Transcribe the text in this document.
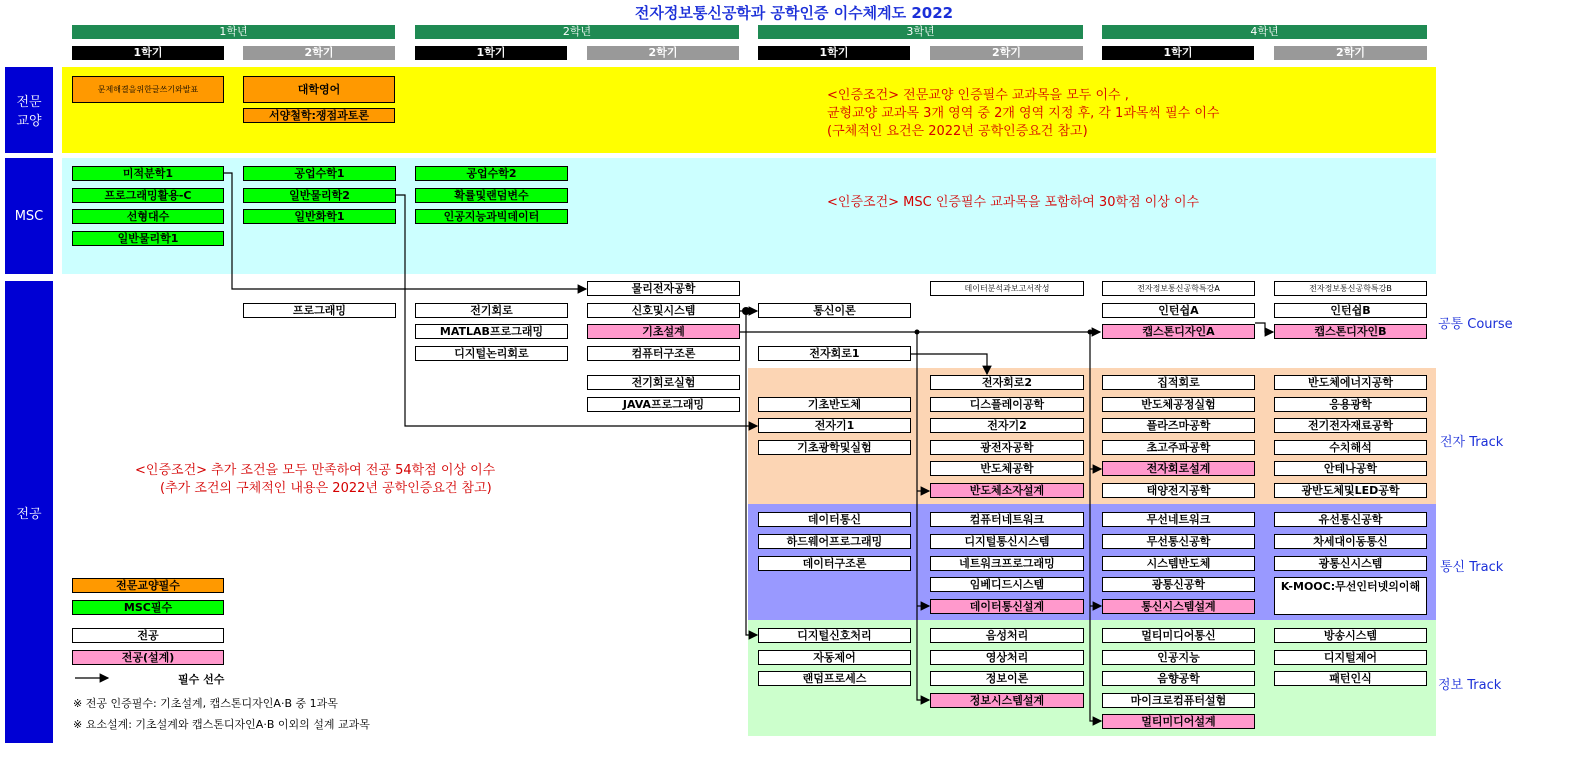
전자정보통신공학과 공학인증 이수체계도 2022
1학년	2학년	3학년	4학년
1학기	2학기	1학기	2학기	1학기	2학기	1학기	2학기
전문
교양
MSC
전공
<인증조건> 전문교양 인증필수 교과목을 모두 이수 ,
균형교양 교과목 3개 영역 중 2개 영역 지정 후, 각 1과목씩 필수 이수
(구체적인 요건은 2022년 공학인증요건 참고)
<인증조건> MSC 인증필수 교과목을 포함하여 30학점 이상 이수
<인증조건> 추가 조건을 모두 만족하여 전공 54학점 이상 이수
(추가 조건의 구체적인 내용은 2022년 공학인증요건 참고)
공통 Course
전자 Track
통신 Track
정보 Track
문제해결을위한글쓰기와발표	대학영어
서양철학:쟁점과토론
미적분학1
프로그래밍활용-C
선형대수
일반물리학1
공업수학1
일반물리학2
일반화학1
공업수학2
확률및랜덤변수
인공지능과빅데이터
물리전자공학
프로그래밍	전기회로
MATLAB프로그래밍
디지털논리회로
신호및시스템
기초설계
컴퓨터구조론
전기회로실험
JAVA프로그래밍
통신이론
전자회로1
데이터분석과보고서작성	전자정보통신공학특강A	전자정보통신공학특강B
인턴쉽A	인턴쉽B
캡스톤디자인A	캡스톤디자인B
기초반도체
전자기1
기초광학및실험
전자회로2
디스플레이공학
전자기2
광전자공학
반도체공학
반도체소자설계
집적회로
반도체공정실험
플라즈마공학
초고주파공학
전자회로설계
태양전지공학
반도체에너지공학
응용광학
전기전자재료공학
수치해석
안테나공학
광반도체및LED공학
데이터통신
하드웨어프로그래밍
데이터구조론
컴퓨터네트워크
디지털통신시스템
네트워크프로그래밍
임베디드시스템
데이터통신설계
무선네트워크
무선통신공학
시스템반도체
광통신공학
통신시스템설계
유선통신공학
차세대이동통신
광통신시스템
K-MOOC:무선인터넷의이해
디지털신호처리
자동제어
랜덤프로세스
음성처리
영상처리
정보이론
정보시스템설계
멀티미디어통신
인공지능
음향공학
마이크로컴퓨터설험
멀티미디어설계
방송시스템
디지털제어
패턴인식
전문교양필수
MSC필수
전공
전공(설계)
필수 선수
※ 전공 인증필수: 기초설계, 캡스톤디자인A·B 중 1과목
※ 요소설계: 기초설계와 캡스톤디자인A·B 이외의 설계 교과목
